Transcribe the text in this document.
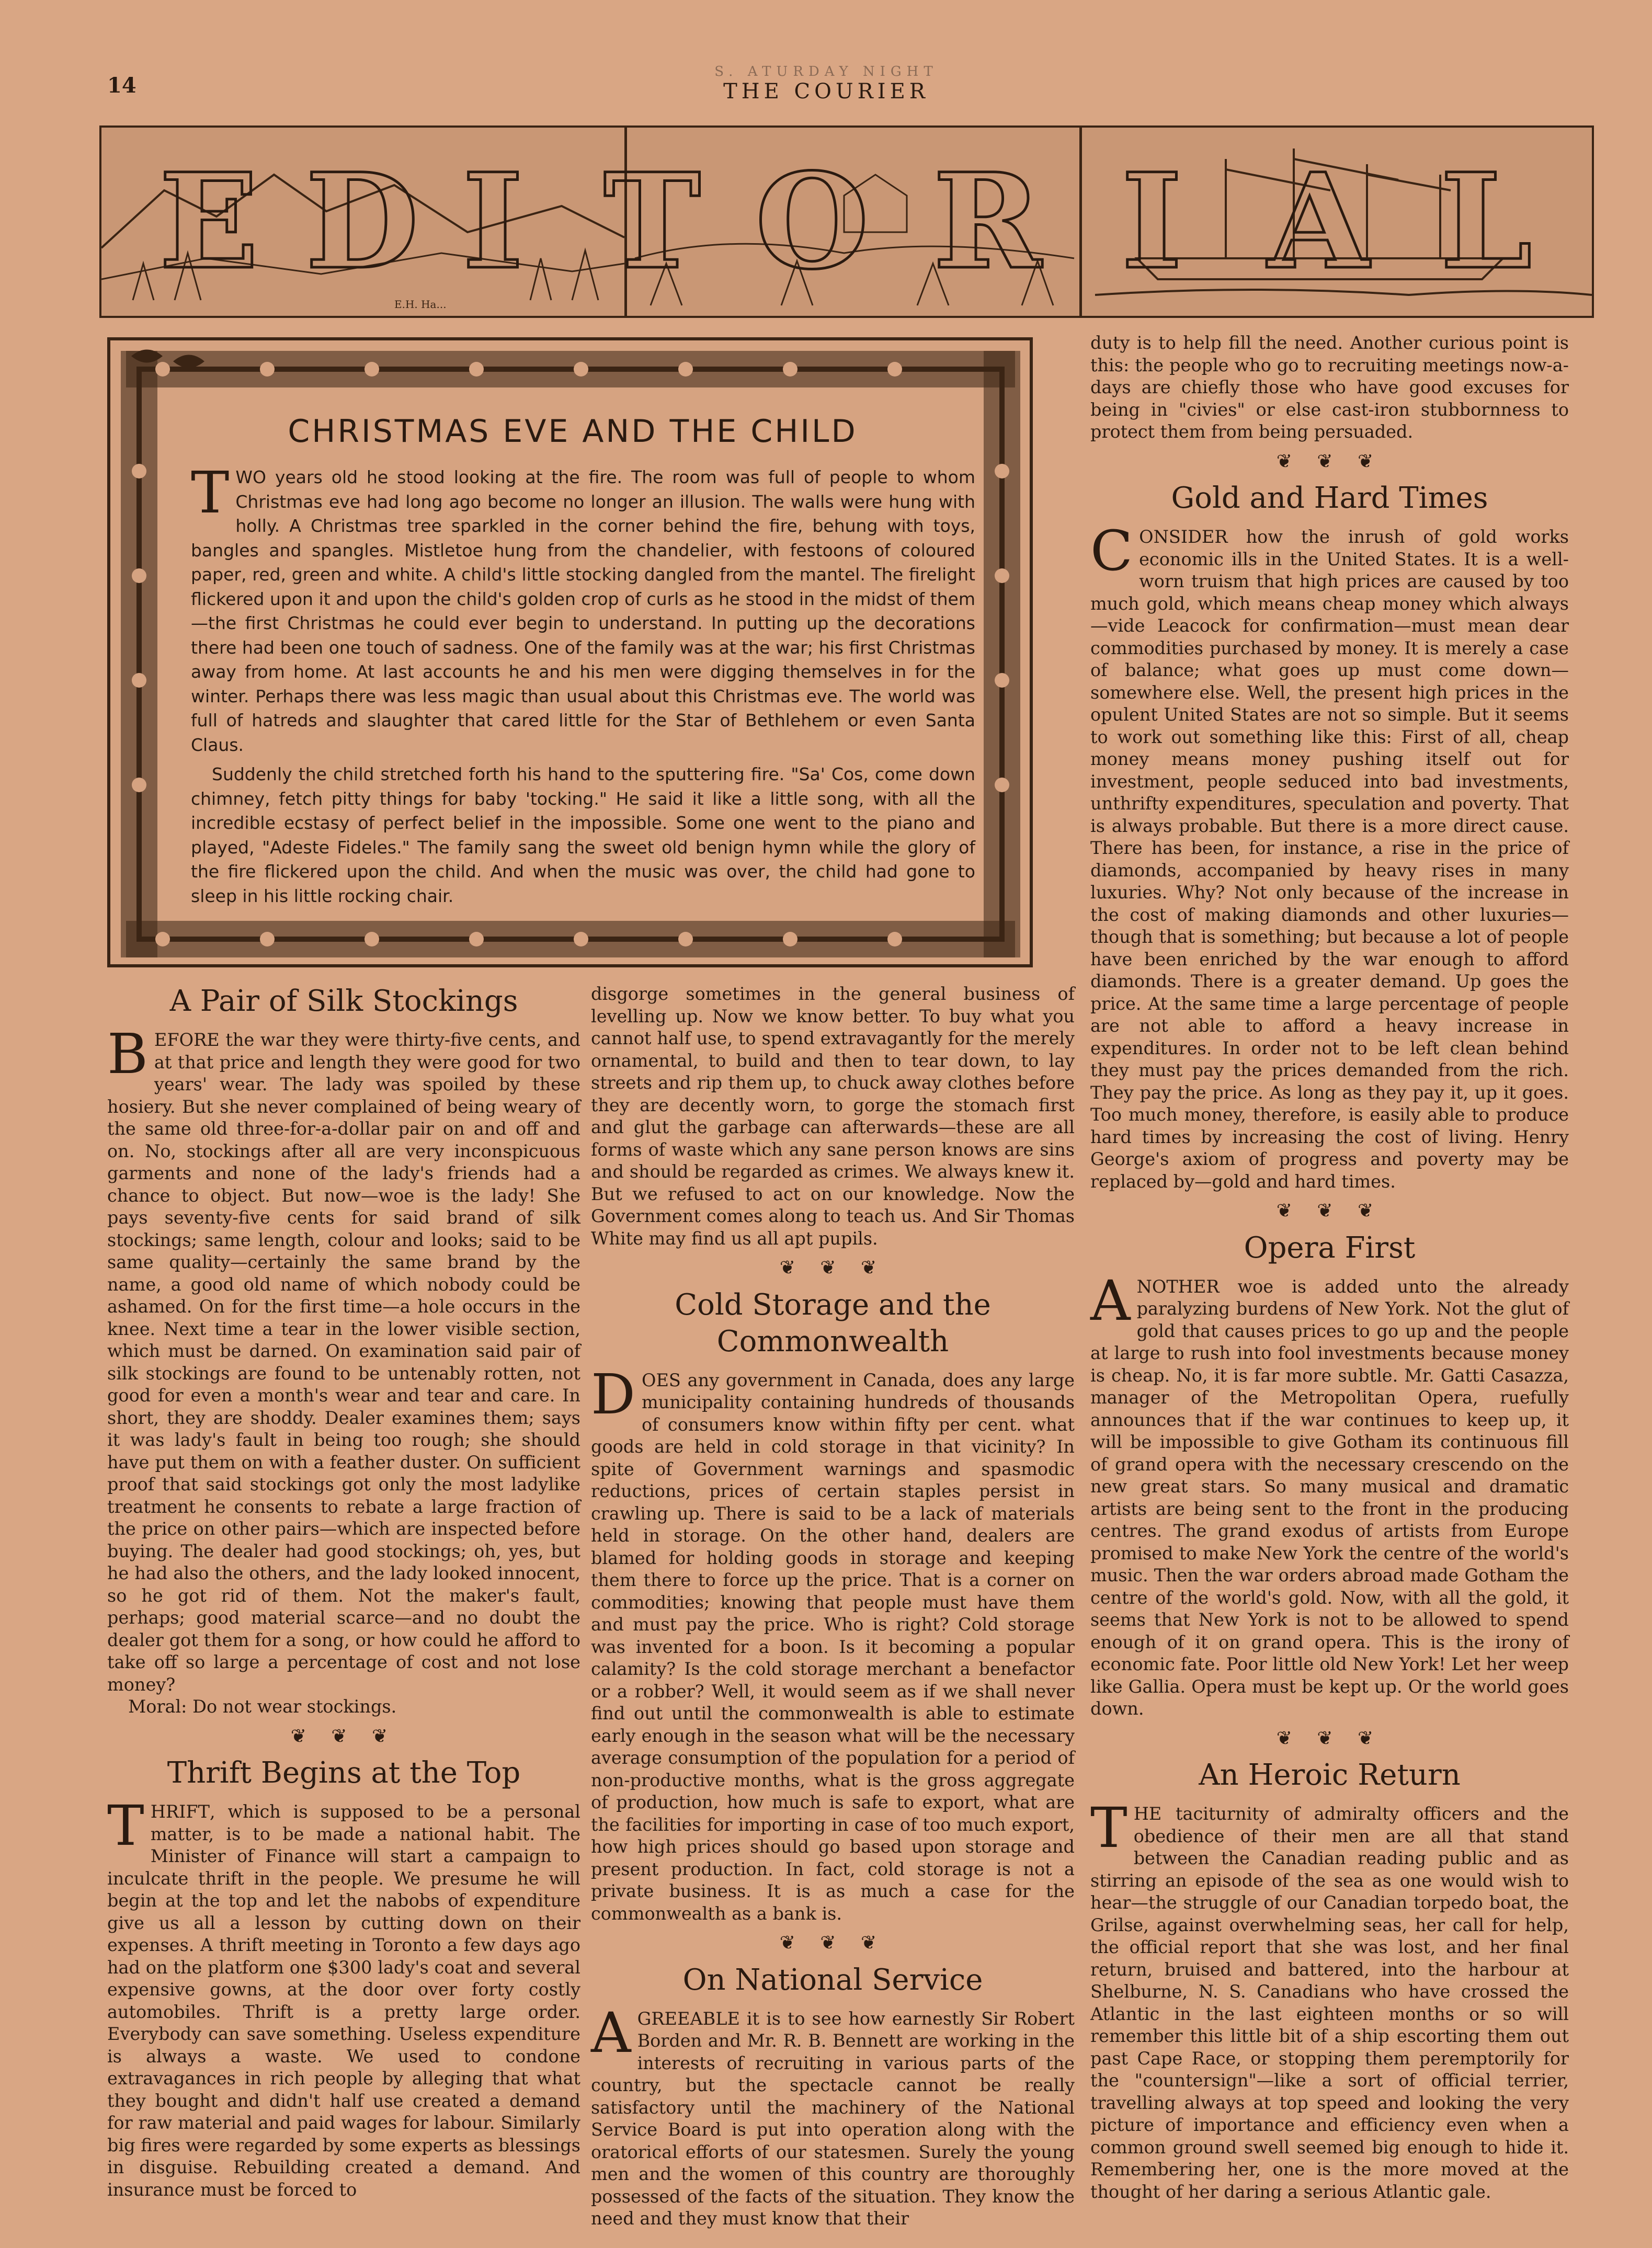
14
S. ATURDAY NIGHT
THE COURIER
E.H. Ha...
E D I T O R I A L
CHRISTMAS EVE AND THE CHILD

TWO years old he stood looking at the fire. The room was full of people to whom Christmas eve had long ago become no longer an illusion. The walls were hung with holly. A Christmas tree sparkled in the corner behind the fire, behung with toys, bangles and spangles. Mistletoe hung from the chandelier, with festoons of coloured paper, red, green and white. A child's little stocking dangled from the mantel. The firelight flickered upon it and upon the child's golden crop of curls as he stood in the midst of them—the first Christmas he could ever begin to understand. In putting up the decorations there had been one touch of sadness. One of the family was at the war; his first Christmas away from home. At last accounts he and his men were digging themselves in for the winter. Perhaps there was less magic than usual about this Christmas eve. The world was full of hatreds and slaughter that cared little for the Star of Bethlehem or even Santa Claus.

Suddenly the child stretched forth his hand to the sputtering fire. "Sa' Cos, come down chimney, fetch pitty things for baby 'tocking." He said it like a little song, with all the incredible ecstasy of perfect belief in the impossible. Some one went to the piano and played, "Adeste Fideles." The family sang the sweet old benign hymn while the glory of the fire flickered upon the child. And when the music was over, the child had gone to sleep in his little rocking chair.

A Pair of Silk Stockings

BEFORE the war they were thirty-five cents, and at that price and length they were good for two years' wear. The lady was spoiled by these hosiery. But she never complained of being weary of the same old three-for-a-dollar pair on and off and on. No, stockings after all are very inconspicuous garments and none of the lady's friends had a chance to object. But now—woe is the lady! She pays seventy-five cents for said brand of silk stockings; same length, colour and looks; said to be same quality—certainly the same brand by the name, a good old name of which nobody could be ashamed. On for the first time—a hole occurs in the knee. Next time a tear in the lower visible section, which must be darned. On examination said pair of silk stockings are found to be untenably rotten, not good for even a month's wear and tear and care. In short, they are shoddy. Dealer examines them; says it was lady's fault in being too rough; she should have put them on with a feather duster. On sufficient proof that said stockings got only the most ladylike treatment he consents to rebate a large fraction of the price on other pairs—which are inspected before buying. The dealer had good stockings; oh, yes, but he had also the others, and the lady looked innocent, so he got rid of them. Not the maker's fault, perhaps; good material scarce—and no doubt the dealer got them for a song, or how could he afford to take off so large a percentage of cost and not lose money?

Moral: Do not wear stockings.

❦ ❦ ❦
Thrift Begins at the Top

THRIFT, which is supposed to be a personal matter, is to be made a national habit. The Minister of Finance will start a campaign to inculcate thrift in the people. We presume he will begin at the top and let the nabobs of expenditure give us all a lesson by cutting down on their expenses. A thrift meeting in Toronto a few days ago had on the platform one $300 lady's coat and several expensive gowns, at the door over forty costly automobiles. Thrift is a pretty large order. Everybody can save something. Useless expenditure is always a waste. We used to condone extravagances in rich people by alleging that what they bought and didn't half use created a demand for raw material and paid wages for labour. Similarly big fires were regarded by some experts as blessings in disguise. Rebuilding created a demand. And insurance must be forced to

disgorge sometimes in the general business of levelling up. Now we know better. To buy what you cannot half use, to spend extravagantly for the merely ornamental, to build and then to tear down, to lay streets and rip them up, to chuck away clothes before they are decently worn, to gorge the stomach first and glut the garbage can afterwards—these are all forms of waste which any sane person knows are sins and should be regarded as crimes. We always knew it. But we refused to act on our knowledge. Now the Government comes along to teach us. And Sir Thomas White may find us all apt pupils.

❦ ❦ ❦
Cold Storage and the Commonwealth

DOES any government in Canada, does any large municipality containing hundreds of thousands of consumers know within fifty per cent. what goods are held in cold storage in that vicinity? In spite of Government warnings and spasmodic reductions, prices of certain staples persist in crawling up. There is said to be a lack of materials held in storage. On the other hand, dealers are blamed for holding goods in storage and keeping them there to force up the price. That is a corner on commodities; knowing that people must have them and must pay the price. Who is right? Cold storage was invented for a boon. Is it becoming a popular calamity? Is the cold storage merchant a benefactor or a robber? Well, it would seem as if we shall never find out until the commonwealth is able to estimate early enough in the season what will be the necessary average consumption of the population for a period of non-productive months, what is the gross aggregate of production, how much is safe to export, what are the facilities for importing in case of too much export, how high prices should go based upon storage and present production. In fact, cold storage is not a private business. It is as much a case for the commonwealth as a bank is.

❦ ❦ ❦
On National Service

AGREEABLE it is to see how earnestly Sir Robert Borden and Mr. R. B. Bennett are working in the interests of recruiting in various parts of the country, but the spectacle cannot be really satisfactory until the machinery of the National Service Board is put into operation along with the oratorical efforts of our statesmen. Surely the young men and the women of this country are thoroughly possessed of the facts of the situation. They know the need and they must know that their

duty is to help fill the need. Another curious point is this: the people who go to recruiting meetings now-a-days are chiefly those who have good excuses for being in "civies" or else cast-iron stubbornness to protect them from being persuaded.

❦ ❦ ❦
Gold and Hard Times

CONSIDER how the inrush of gold works economic ills in the United States. It is a well-worn truism that high prices are caused by too much gold, which means cheap money which always—vide Leacock for confirmation—must mean dear commodities purchased by money. It is merely a case of balance; what goes up must come down—somewhere else. Well, the present high prices in the opulent United States are not so simple. But it seems to work out something like this: First of all, cheap money means money pushing itself out for investment, people seduced into bad investments, unthrifty expenditures, speculation and poverty. That is always probable. But there is a more direct cause. There has been, for instance, a rise in the price of diamonds, accompanied by heavy rises in many luxuries. Why? Not only because of the increase in the cost of making diamonds and other luxuries—though that is something; but because a lot of people have been enriched by the war enough to afford diamonds. There is a greater demand. Up goes the price. At the same time a large percentage of people are not able to afford a heavy increase in expenditures. In order not to be left clean behind they must pay the prices demanded from the rich. They pay the price. As long as they pay it, up it goes. Too much money, therefore, is easily able to produce hard times by increasing the cost of living. Henry George's axiom of progress and poverty may be replaced by—gold and hard times.

❦ ❦ ❦
Opera First

ANOTHER woe is added unto the already paralyzing burdens of New York. Not the glut of gold that causes prices to go up and the people at large to rush into fool investments because money is cheap. No, it is far more subtle. Mr. Gatti Casazza, manager of the Metropolitan Opera, ruefully announces that if the war continues to keep up, it will be impossible to give Gotham its continuous fill of grand opera with the necessary crescendo on the new great stars. So many musical and dramatic artists are being sent to the front in the producing centres. The grand exodus of artists from Europe promised to make New York the centre of the world's music. Then the war orders abroad made Gotham the centre of the world's gold. Now, with all the gold, it seems that New York is not to be allowed to spend enough of it on grand opera. This is the irony of economic fate. Poor little old New York! Let her weep like Gallia. Opera must be kept up. Or the world goes down.

❦ ❦ ❦
An Heroic Return

THE taciturnity of admiralty officers and the obedience of their men are all that stand between the Canadian reading public and as stirring an episode of the sea as one would wish to hear—the struggle of our Canadian torpedo boat, the Grilse, against overwhelming seas, her call for help, the official report that she was lost, and her final return, bruised and battered, into the harbour at Shelburne, N. S. Canadians who have crossed the Atlantic in the last eighteen months or so will remember this little bit of a ship escorting them out past Cape Race, or stopping them peremptorily for the "countersign"—like a sort of official terrier, travelling always at top speed and looking the very picture of importance and efficiency even when a common ground swell seemed big enough to hide it. Remembering her, one is the more moved at the thought of her daring a serious Atlantic gale.
